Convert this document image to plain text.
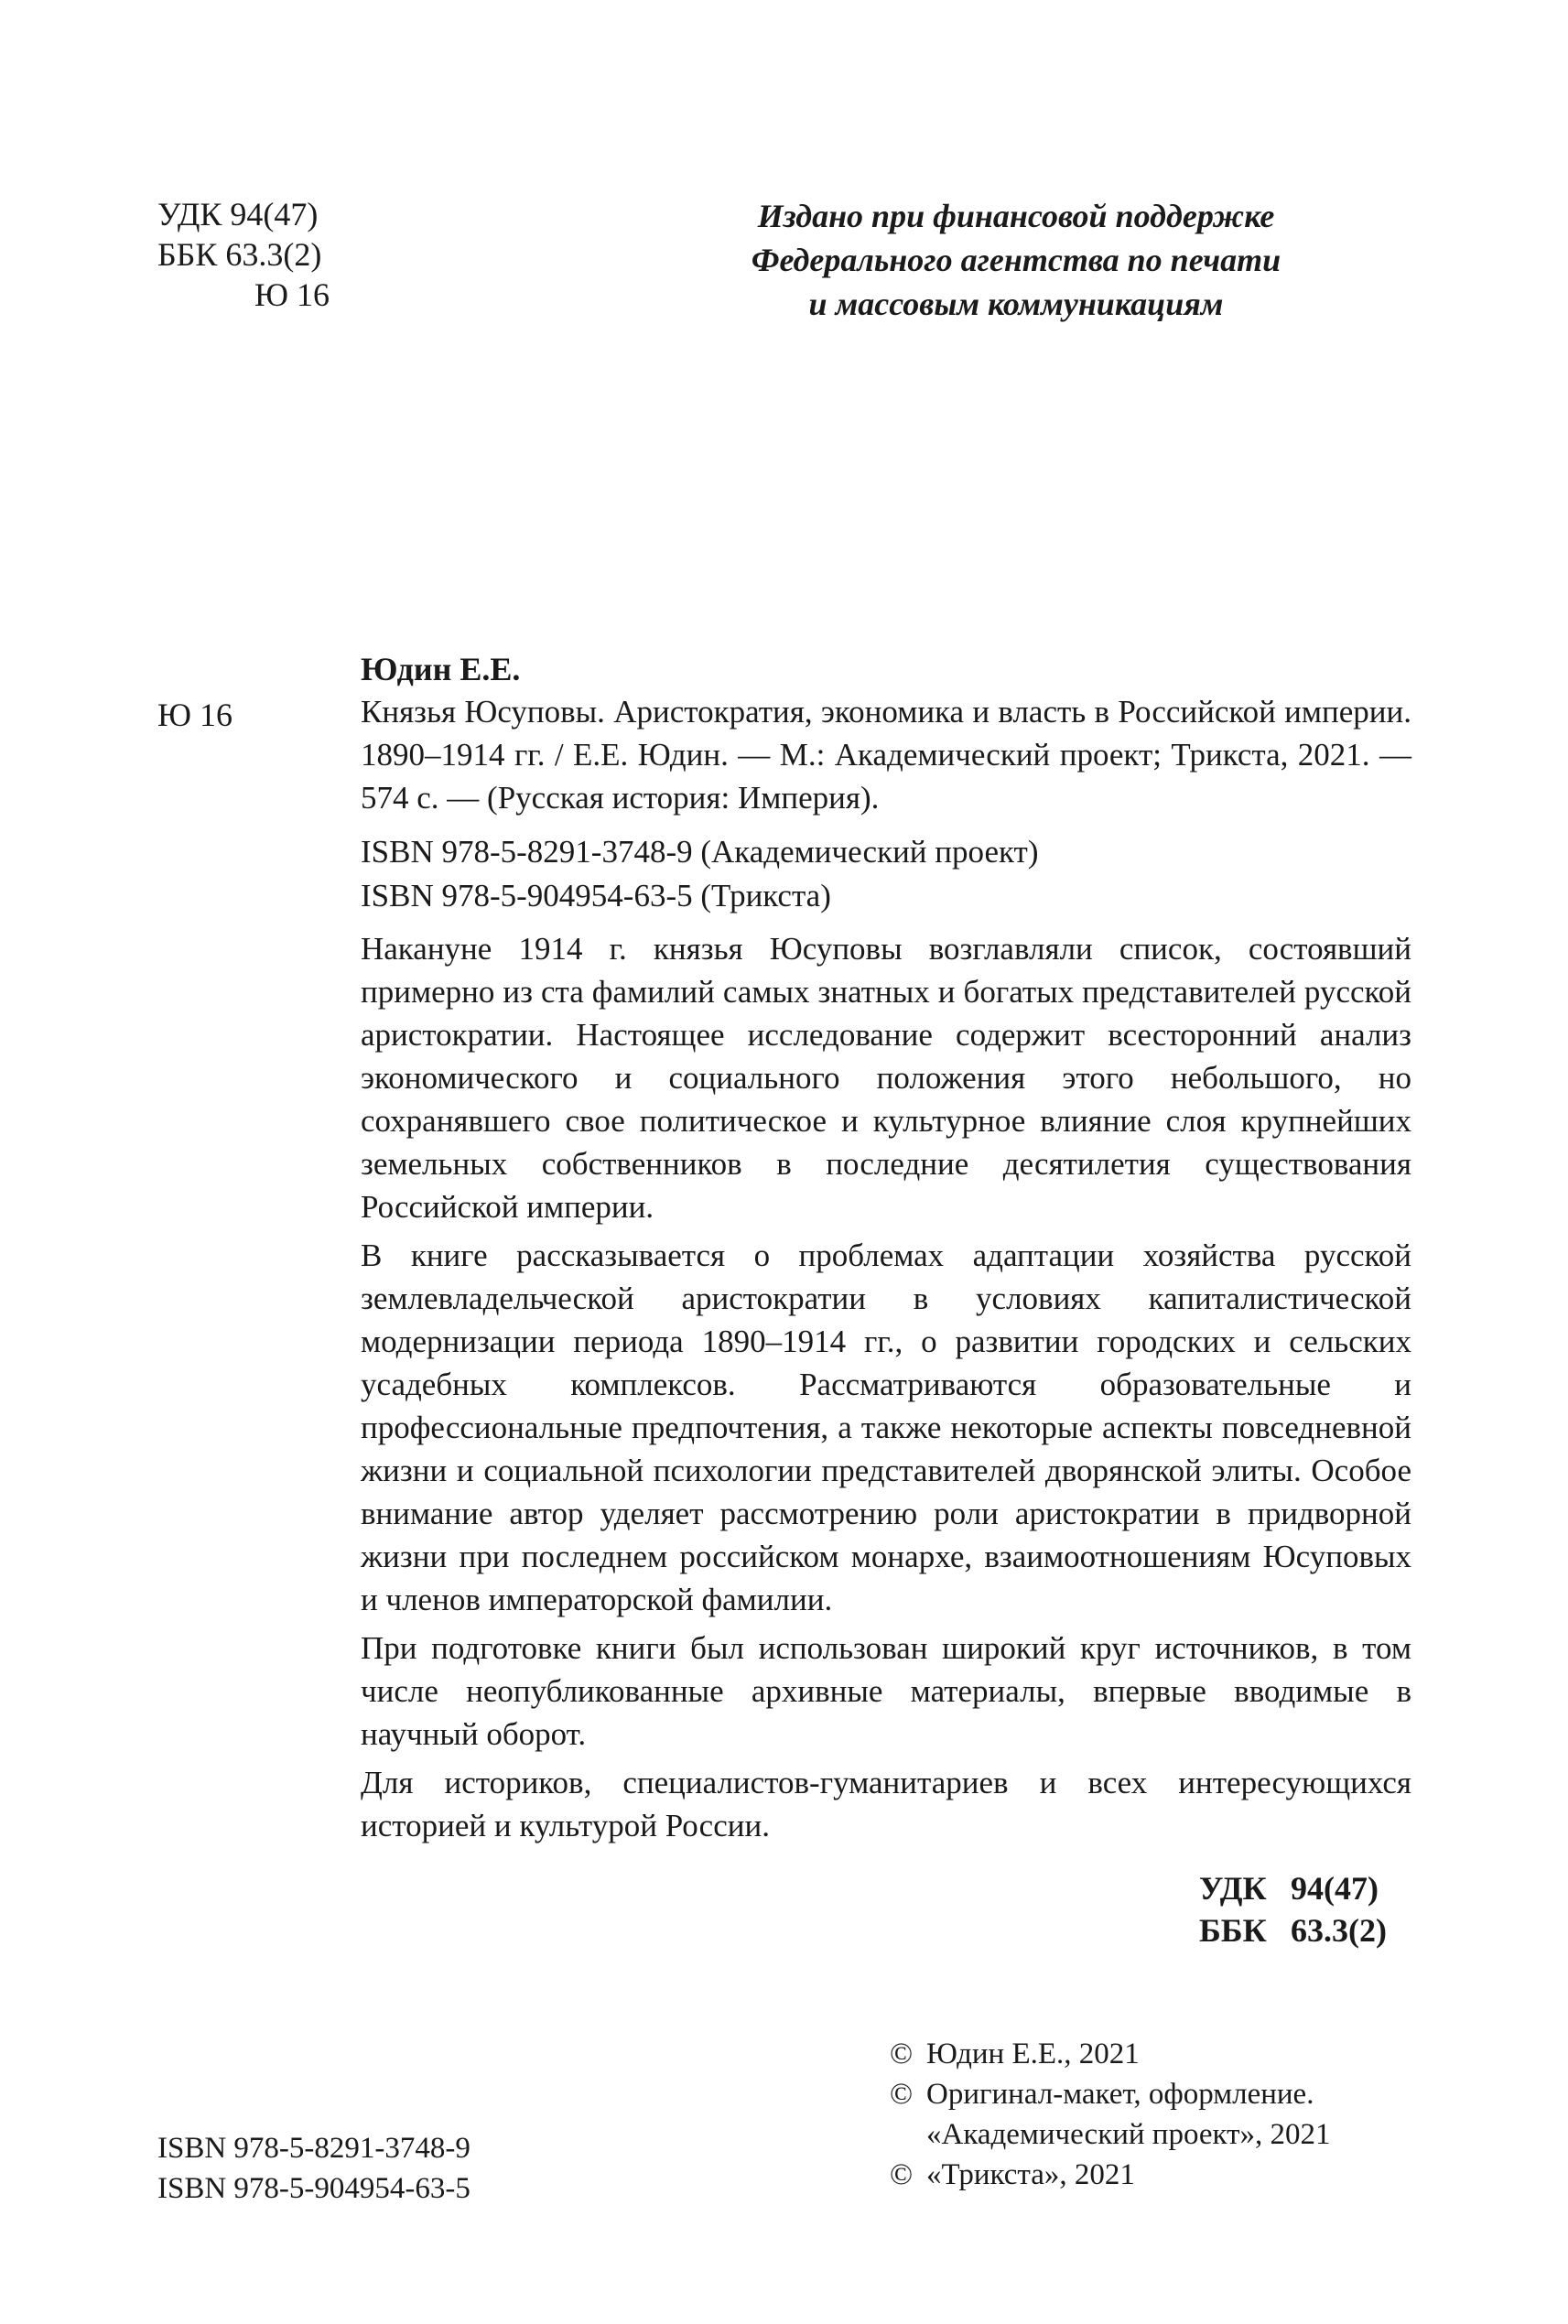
УДК 94(47)
ББК 63.3(2)
Ю 16
Издано при финансовой поддержке
Федерального агентства по печати
и массовым коммуникациям
Юдин Е.Е.
Ю 16	Князья Юсуповы. Аристократия, экономика и власть в Российской империи. 1890–1914 гг. / Е.Е. Юдин. — М.: Академический проект; Трикста, 2021. — 574 с. — (Русская история: Империя).

ISBN 978-5-8291-3748-9 (Академический проект)
ISBN 978-5-904954-63-5 (Трикста)

Накануне 1914 г. князья Юсуповы возглавляли список, состоявший примерно из ста фамилий самых знатных и богатых представителей русской аристократии. Настоящее исследование содержит всесторонний анализ экономического и социального положения этого небольшого, но сохранявшего свое политическое и культурное влияние слоя крупнейших земельных собственников в последние десятилетия существования Российской империи.

В книге рассказывается о проблемах адаптации хозяйства русской землевладельческой аристократии в условиях капиталистической модернизации периода 1890–1914 гг., о развитии городских и сельских усадебных комплексов. Рассматриваются образовательные и профессиональные предпочтения, а также некоторые аспекты повседневной жизни и социальной психологии представителей дворянской элиты. Особое внимание автор уделяет рассмотрению роли аристократии в придворной жизни при последнем российском монархе, взаимоотношениям Юсуповых и членов императорской фамилии.

При подготовке книги был использован широкий круг источников, в том числе неопубликованные архивные материалы, впервые вводимые в научный оборот.

Для историков, специалистов-гуманитариев и всех интересующихся историей и культурой России.

УДК 94(47)
ББК 63.3(2)
ISBN 978-5-8291-3748-9
ISBN 978-5-904954-63-5
© Юдин Е.Е., 2021
© Оригинал-макет, оформление.
«Академический проект», 2021
© «Трикста», 2021
